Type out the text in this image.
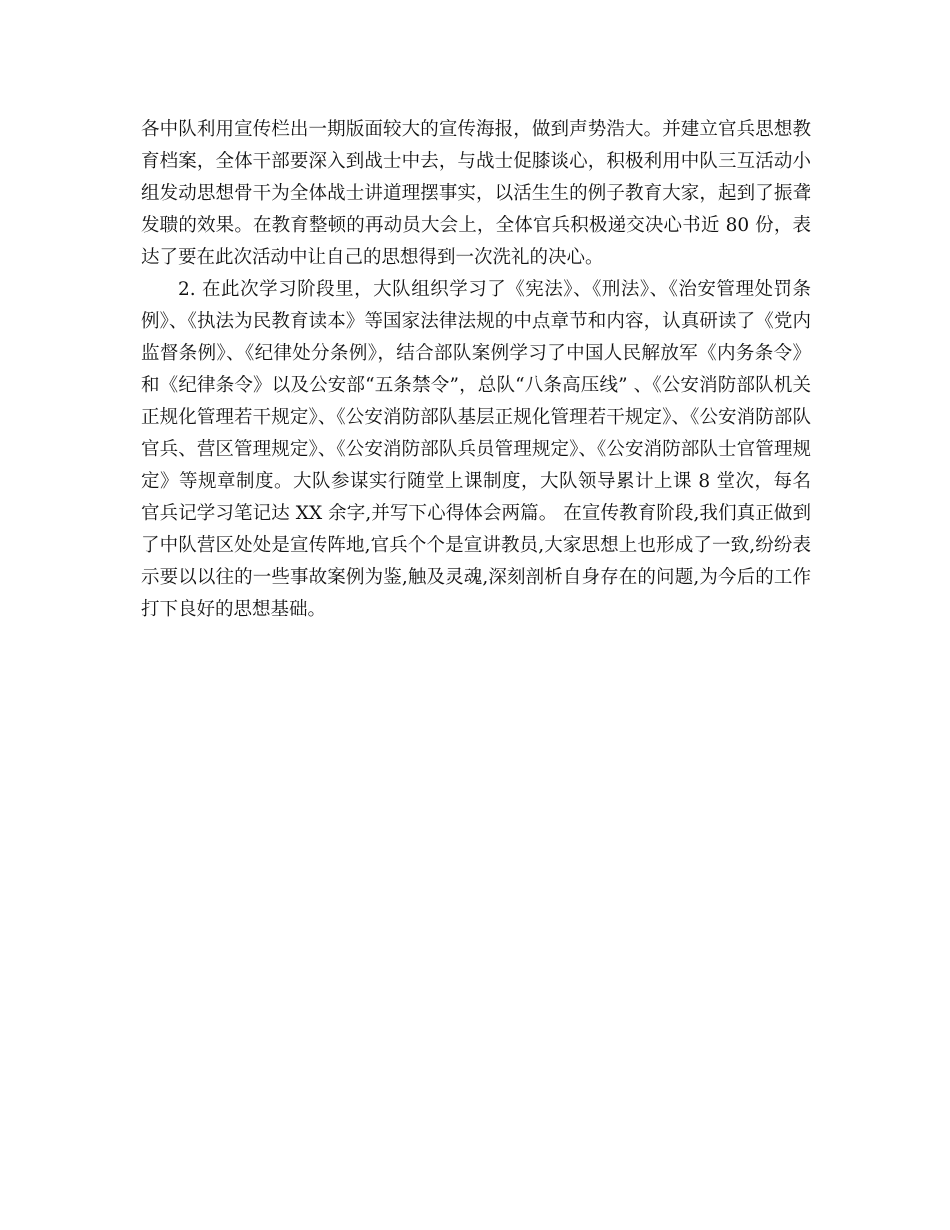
各中队利用宣传栏出一期版面较大的宣传海报，做到声势浩大。并建立官兵思想教育档案，全体干部要深入到战士中去，与战士促膝谈心，积极利用中队三互活动小组发动思想骨干为全体战士讲道理摆事实，以活生生的例子教育大家，起到了振聋发聩的效果。在教育整顿的再动员大会上，全体官兵积极递交决心书近 80 份，表达了要在此次活动中让自己的思想得到一次洗礼的决心。

2. 在此次学习阶段里，大队组织学习了《宪法》、《刑法》、《治安管理处罚条例》、《执法为民教育读本》等国家法律法规的中点章节和内容，认真研读了《党内监督条例》、《纪律处分条例》，结合部队案例学习了中国人民解放军《内务条令》和《纪律条令》以及公安部“五条禁令”，总队“八条高压线” 、《公安消防部队机关正规化管理若干规定》、《公安消防部队基层正规化管理若干规定》、《公安消防部队官兵、营区管理规定》、《公安消防部队兵员管理规定》、《公安消防部队士官管理规定》等规章制度。大队参谋实行随堂上课制度，大队领导累计上课 8 堂次，每名官兵记学习笔记达 XX 余字,并写下心得体会两篇。 在宣传教育阶段,我们真正做到了中队营区处处是宣传阵地,官兵个个是宣讲教员,大家思想上也形成了一致,纷纷表示要以以往的一些事故案例为鉴,触及灵魂,深刻剖析自身存在的问题,为今后的工作打下良好的思想基础。
